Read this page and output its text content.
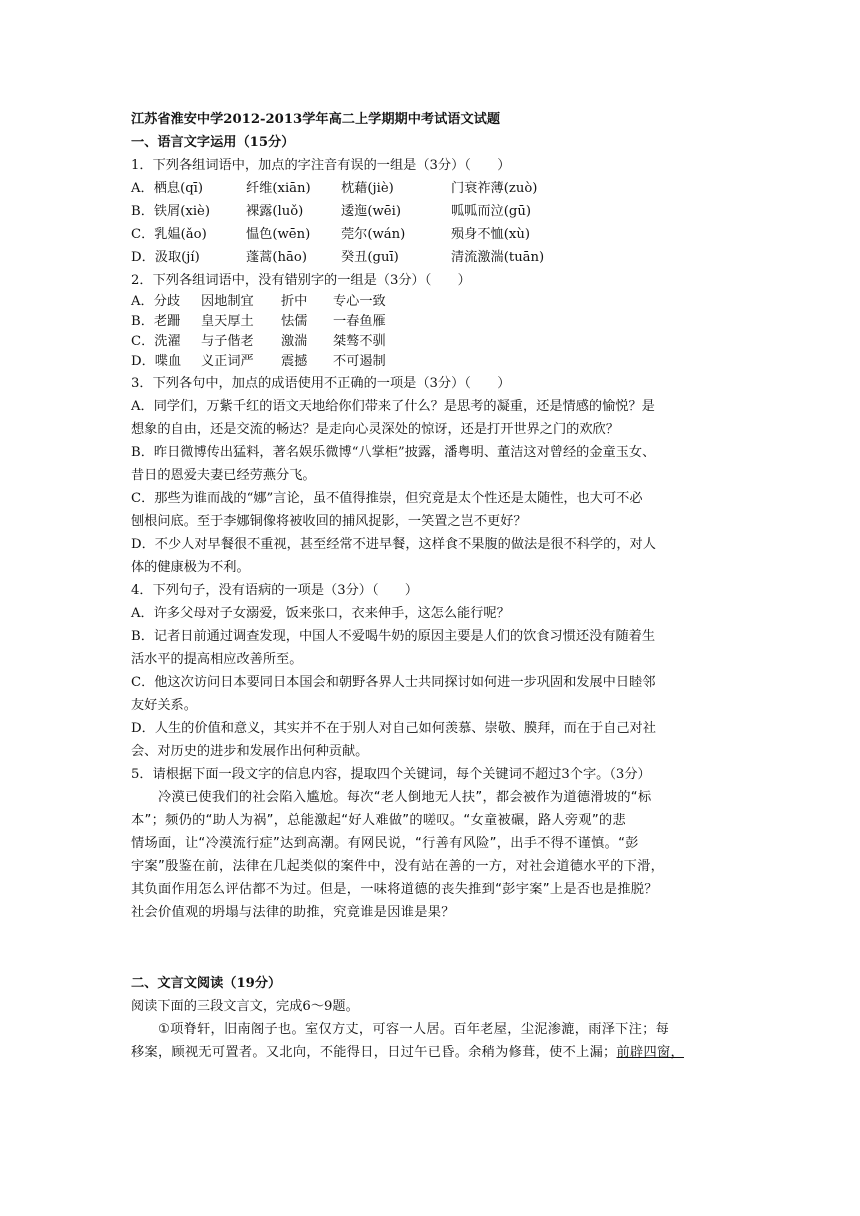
江苏省淮安中学2012-2013学年高二上学期期中考试语文试题
一、语言文字运用（15分）
1．下列各组词语中，加点的字注音有误的一组是（3分）（　　）
A．栖息(qī)	纤维(xiān) 枕藉(jiè)	门衰祚薄(zuò)
B．铁屑(xiè)	裸露(luǒ)	逶迤(wēi)	呱呱而泣(gū)
C．乳媪(ǎo)	愠色(wēn) 莞尔(wán)	殒身不恤(xù)
D．汲取(jí)	蓬蒿(hāo)	癸丑(guī)	清流激湍(tuān)
2．下列各组词语中，没有错别字的一组是（3分）（　　）
A．分歧 因地制宜 折中 专心一致
B．老跚 皇天厚土 怯儒 一春鱼雁
C．洗濯 与子偕老 激湍 桀骜不驯
D．喋血 义正词严 震撼 不可遏制
3．下列各句中，加点的成语使用不正确的一项是（3分）（　　）
A．同学们，万紫千红的语文天地给你们带来了什么？是思考的凝重，还是情感的愉悦？是
想象的自由，还是交流的畅达？是走向心灵深处的惊讶，还是打开世界之门的欢欣？
B．昨日微博传出猛料，著名娱乐微博“八掌柜”披露，潘粤明、董洁这对曾经的金童玉女、
昔日的恩爱夫妻已经劳燕分飞。
C．那些为谁而战的“娜”言论，虽不值得推崇，但究竟是太个性还是太随性，也大可不必
刨根问底。至于李娜铜像将被收回的捕风捉影，一笑置之岂不更好？
D．不少人对早餐很不重视，甚至经常不进早餐，这样食不果腹的做法是很不科学的，对人
体的健康极为不利。
4．下列句子，没有语病的一项是（3分）（　　）
A．许多父母对子女溺爱，饭来张口，衣来伸手，这怎么能行呢？
B．记者日前通过调查发现，中国人不爱喝牛奶的原因主要是人们的饮食习惯还没有随着生
活水平的提高相应改善所至。
C．他这次访问日本要同日本国会和朝野各界人士共同探讨如何进一步巩固和发展中日睦邻
友好关系。
D．人生的价值和意义，其实并不在于别人对自己如何羡慕、崇敬、膜拜，而在于自己对社
会、对历史的进步和发展作出何种贡献。
5．请根据下面一段文字的信息内容，提取四个关键词，每个关键词不超过3个字。（3分）
　　冷漠已使我们的社会陷入尴尬。每次“老人倒地无人扶”，都会被作为道德滑坡的“标
本”；频仍的“助人为祸”，总能激起“好人难做”的嗟叹。“女童被碾，路人旁观”的悲
情场面，让“冷漠流行症”达到高潮。有网民说，“行善有风险”，出手不得不谨慎。“彭
宇案”殷鉴在前，法律在几起类似的案件中，没有站在善的一方，对社会道德水平的下滑，
其负面作用怎么评估都不为过。但是，一味将道德的丧失推到“彭宇案”上是否也是推脱？
社会价值观的坍塌与法律的助推，究竟谁是因谁是果？
二、文言文阅读（19分）
阅读下面的三段文言文，完成6～9题。
　　①项脊轩，旧南阁子也。室仅方丈，可容一人居。百年老屋，尘泥渗漉，雨泽下注；每
移案，顾视无可置者。又北向，不能得日，日过午已昏。余稍为修葺，使不上漏；前辟四窗，
